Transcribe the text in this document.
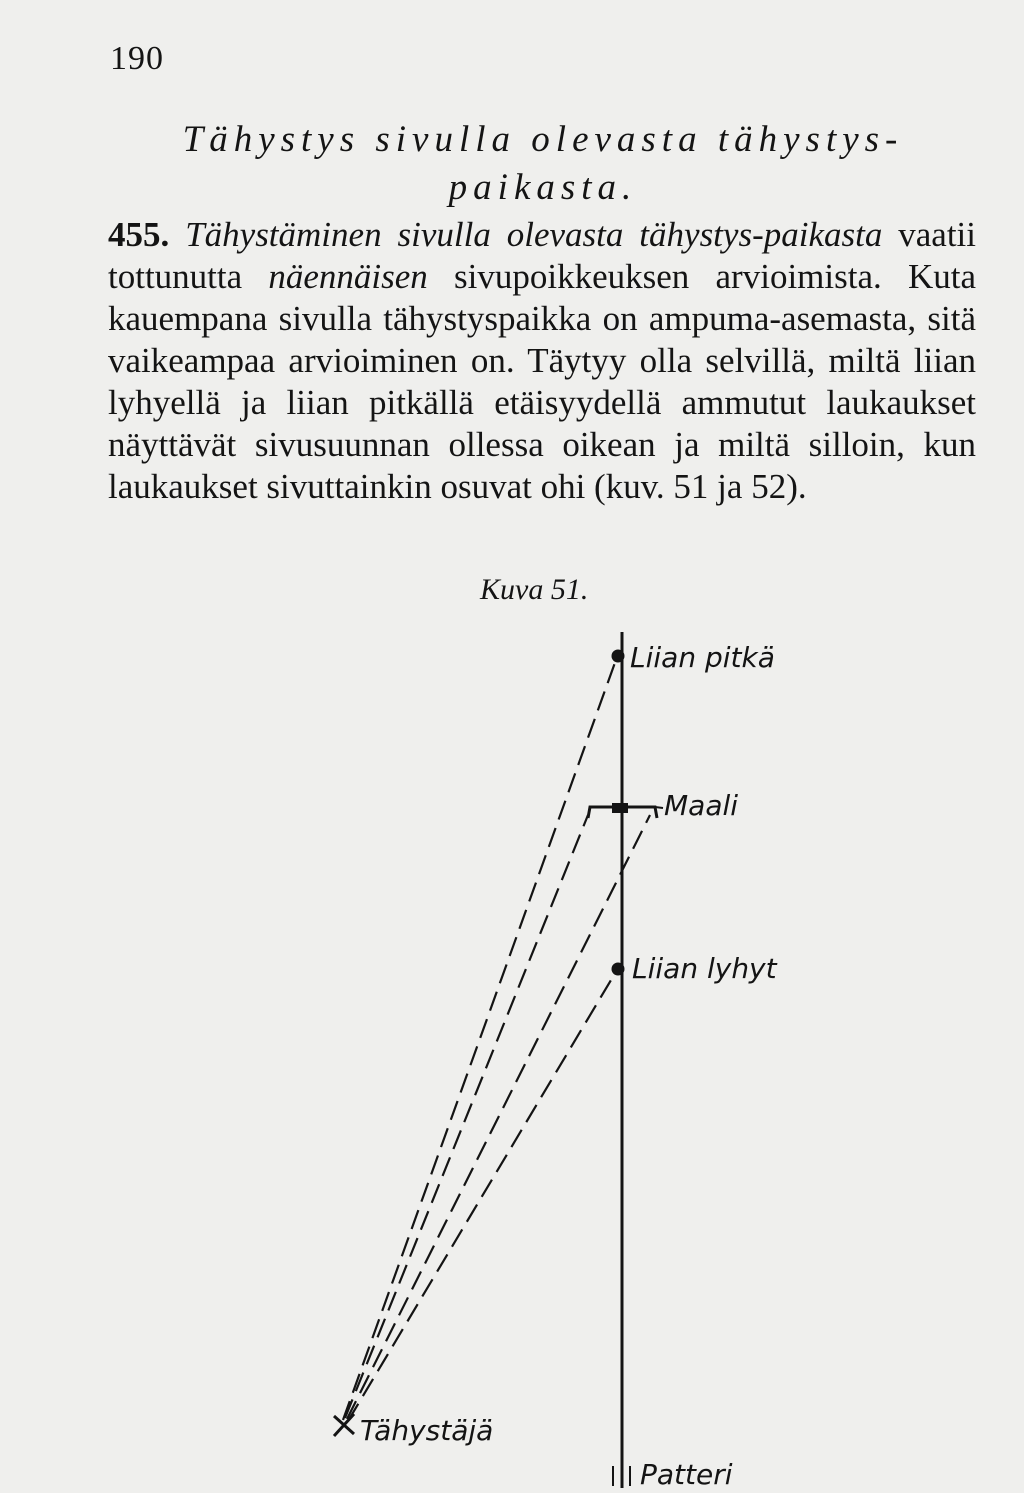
190
Tähystys sivulla olevasta tähystys-paikasta.
455. Tähystäminen sivulla olevasta tähystys-paikasta vaatii tottunutta näennäisen sivupoikkeuksen arvioimista. Kuta kauempana sivulla tähystyspaikka on ampuma-asemasta, sitä vaikeampaa arvioiminen on. Täytyy olla selvillä, miltä liian lyhyellä ja liian pitkällä etäisyydellä ammutut laukaukset näyttävät sivusuunnan ollessa oikean ja miltä silloin, kun laukaukset sivuttainkin osuvat ohi (kuv. 51 ja 52).
Kuva 51.
Liian pitkä
Maali
Liian lyhyt
Tähystäjä
Patteri
